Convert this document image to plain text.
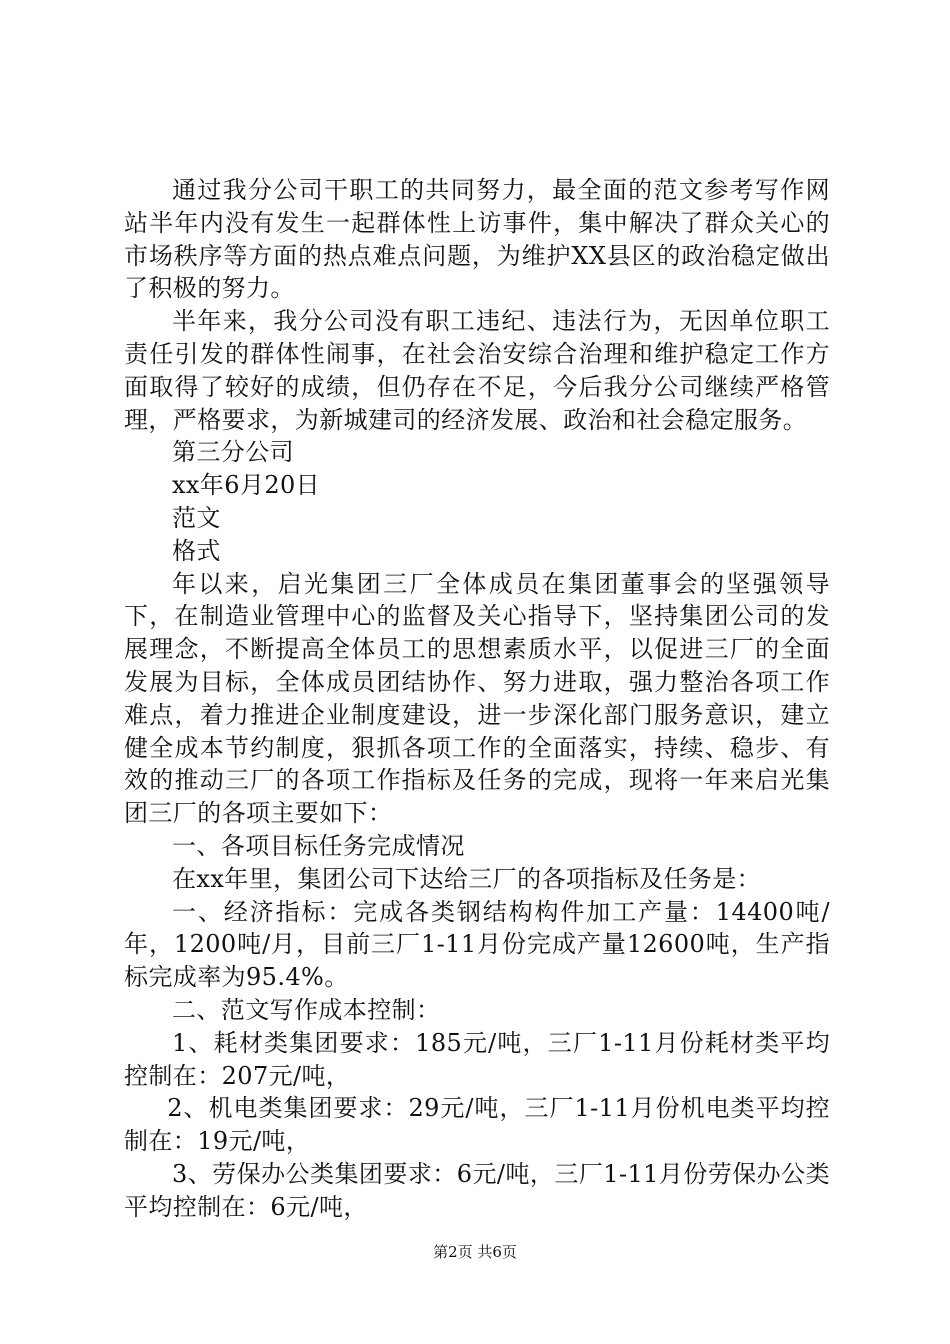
通过我分公司干职工的共同努力，最全面的范文参考写作网站半年内没有发生一起群体性上访事件，集中解决了群众关心的市场秩序等方面的热点难点问题，为维护XX县区的政治稳定做出了积极的努力。

半年来，我分公司没有职工违纪、违法行为，无因单位职工责任引发的群体性闹事，在社会治安综合治理和维护稳定工作方面取得了较好的成绩，但仍存在不足，今后我分公司继续严格管理，严格要求，为新城建司的经济发展、政治和社会稳定服务。

第三分公司

xx年6月20日

范文

格式

年以来，启光集团三厂全体成员在集团董事会的坚强领导下，在制造业管理中心的监督及关心指导下，坚持集团公司的发展理念，不断提高全体员工的思想素质水平，以促进三厂的全面发展为目标，全体成员团结协作、努力进取，强力整治各项工作难点，着力推进企业制度建设，进一步深化部门服务意识，建立健全成本节约制度，狠抓各项工作的全面落实，持续、稳步、有效的推动三厂的各项工作指标及任务的完成，现将一年来启光集团三厂的各项主要如下：

一、各项目标任务完成情况

在xx年里，集团公司下达给三厂的各项指标及任务是：

一、经济指标：完成各类钢结构构件加工产量：14400吨/年，1200吨/月，目前三厂1-11月份完成产量12600吨，生产指标完成率为95.4%。

二、范文写作成本控制：

1、耗材类集团要求：185元/吨，三厂1-11月份耗材类平均控制在：207元/吨，

2、机电类集团要求：29元/吨，三厂1-11月份机电类平均控制在：19元/吨，

3、劳保办公类集团要求：6元/吨，三厂1-11月份劳保办公类平均控制在：6元/吨，

第2页 共6页
